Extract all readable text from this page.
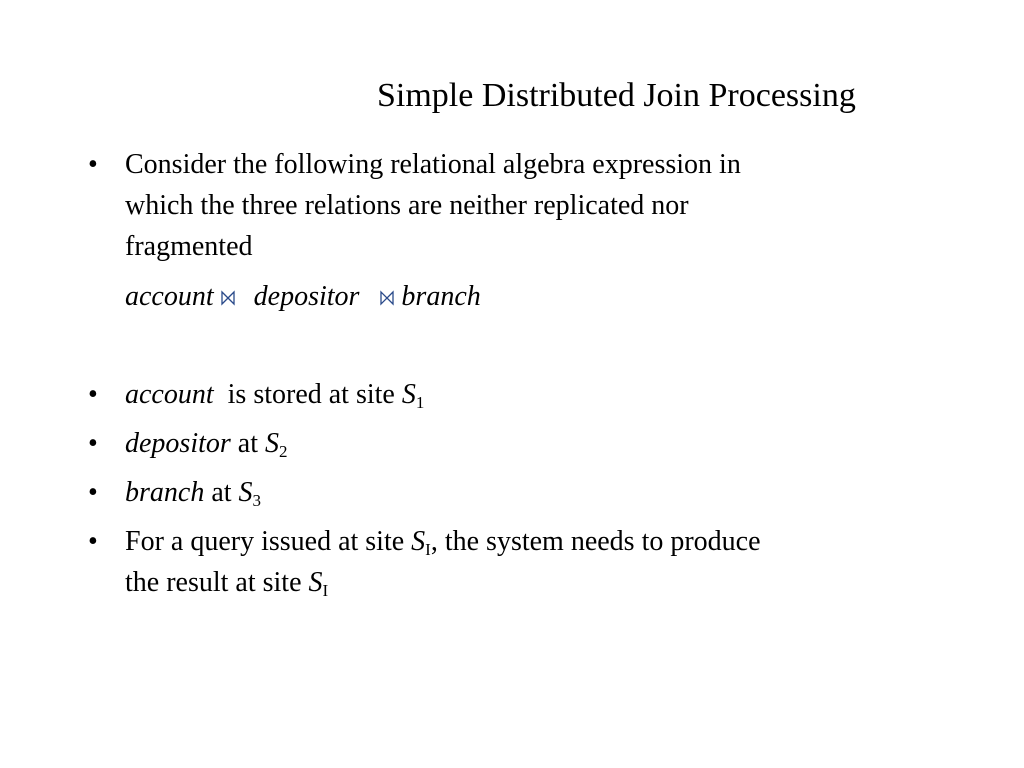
Simple Distributed Join Processing
• Consider the following relational algebra expression in
which the three relations are neither replicated nor
fragmented
account depositor branch
• account is stored at site $S_1$
• depositor at $S_2$
• branch at $S_3$
• For a query issued at site $S_I$, the system needs to produce
the result at site $S_I$
